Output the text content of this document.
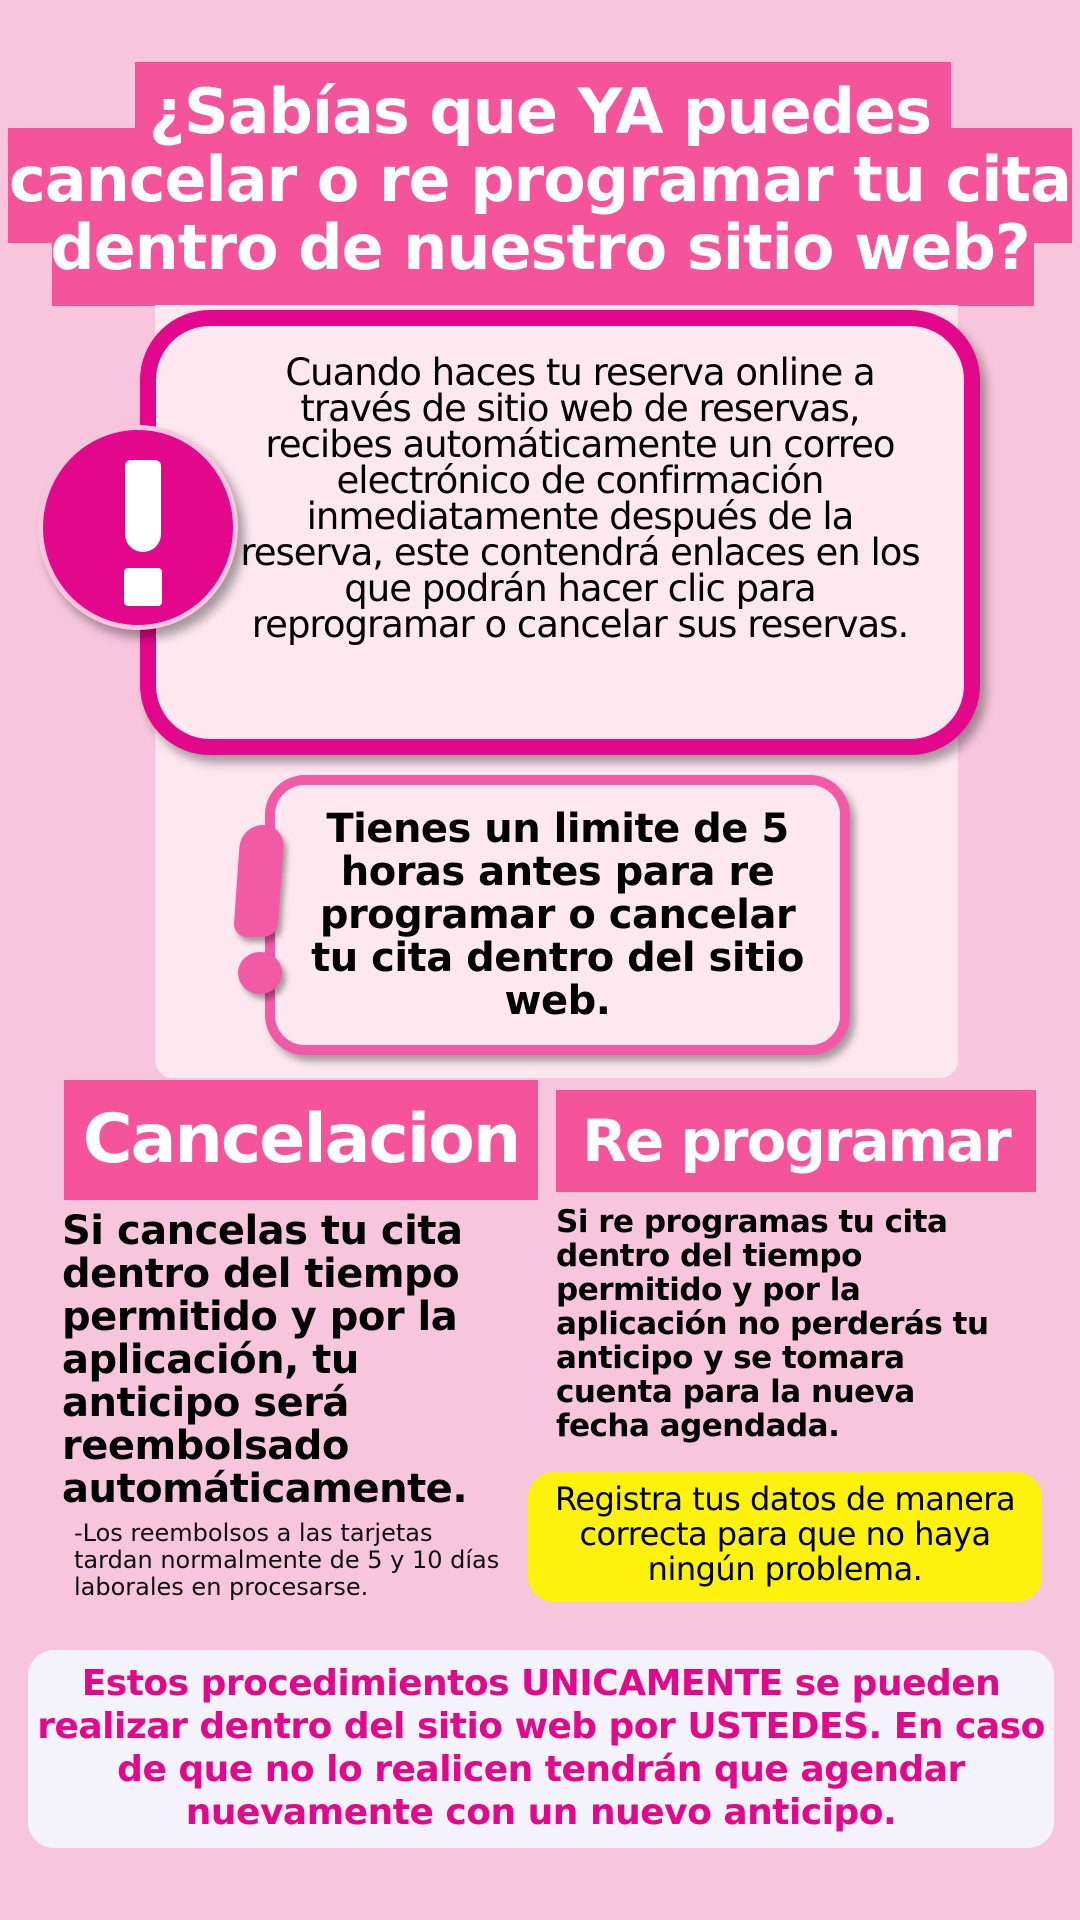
¿Sabías que YA puedes cancelar o re programar tu cita dentro de nuestro sitio web?
Cuando haces tu reserva online a través de sitio web de reservas, recibes automáticamente un correo electrónico de confirmación inmediatamente después de la reserva, este contendrá enlaces en los que podrán hacer clic para reprogramar o cancelar sus reservas.
Tienes un limite de 5 horas antes para re programar o cancelar tu cita dentro del sitio web.
Cancelacion	Re programar
Si cancelas tu cita dentro del tiempo permitido y por la aplicación, tu anticipo será reembolsado automáticamente.
-Los reembolsos a las tarjetas tardan normalmente de 5 y 10 días laborales en procesarse.
Si re programas tu cita dentro del tiempo permitido y por la aplicación no perderás tu anticipo y se tomara cuenta para la nueva fecha agendada.
Registra tus datos de manera correcta para que no haya ningún problema.
Estos procedimientos UNICAMENTE se pueden realizar dentro del sitio web por USTEDES. En caso de que no lo realicen tendrán que agendar nuevamente con un nuevo anticipo.
